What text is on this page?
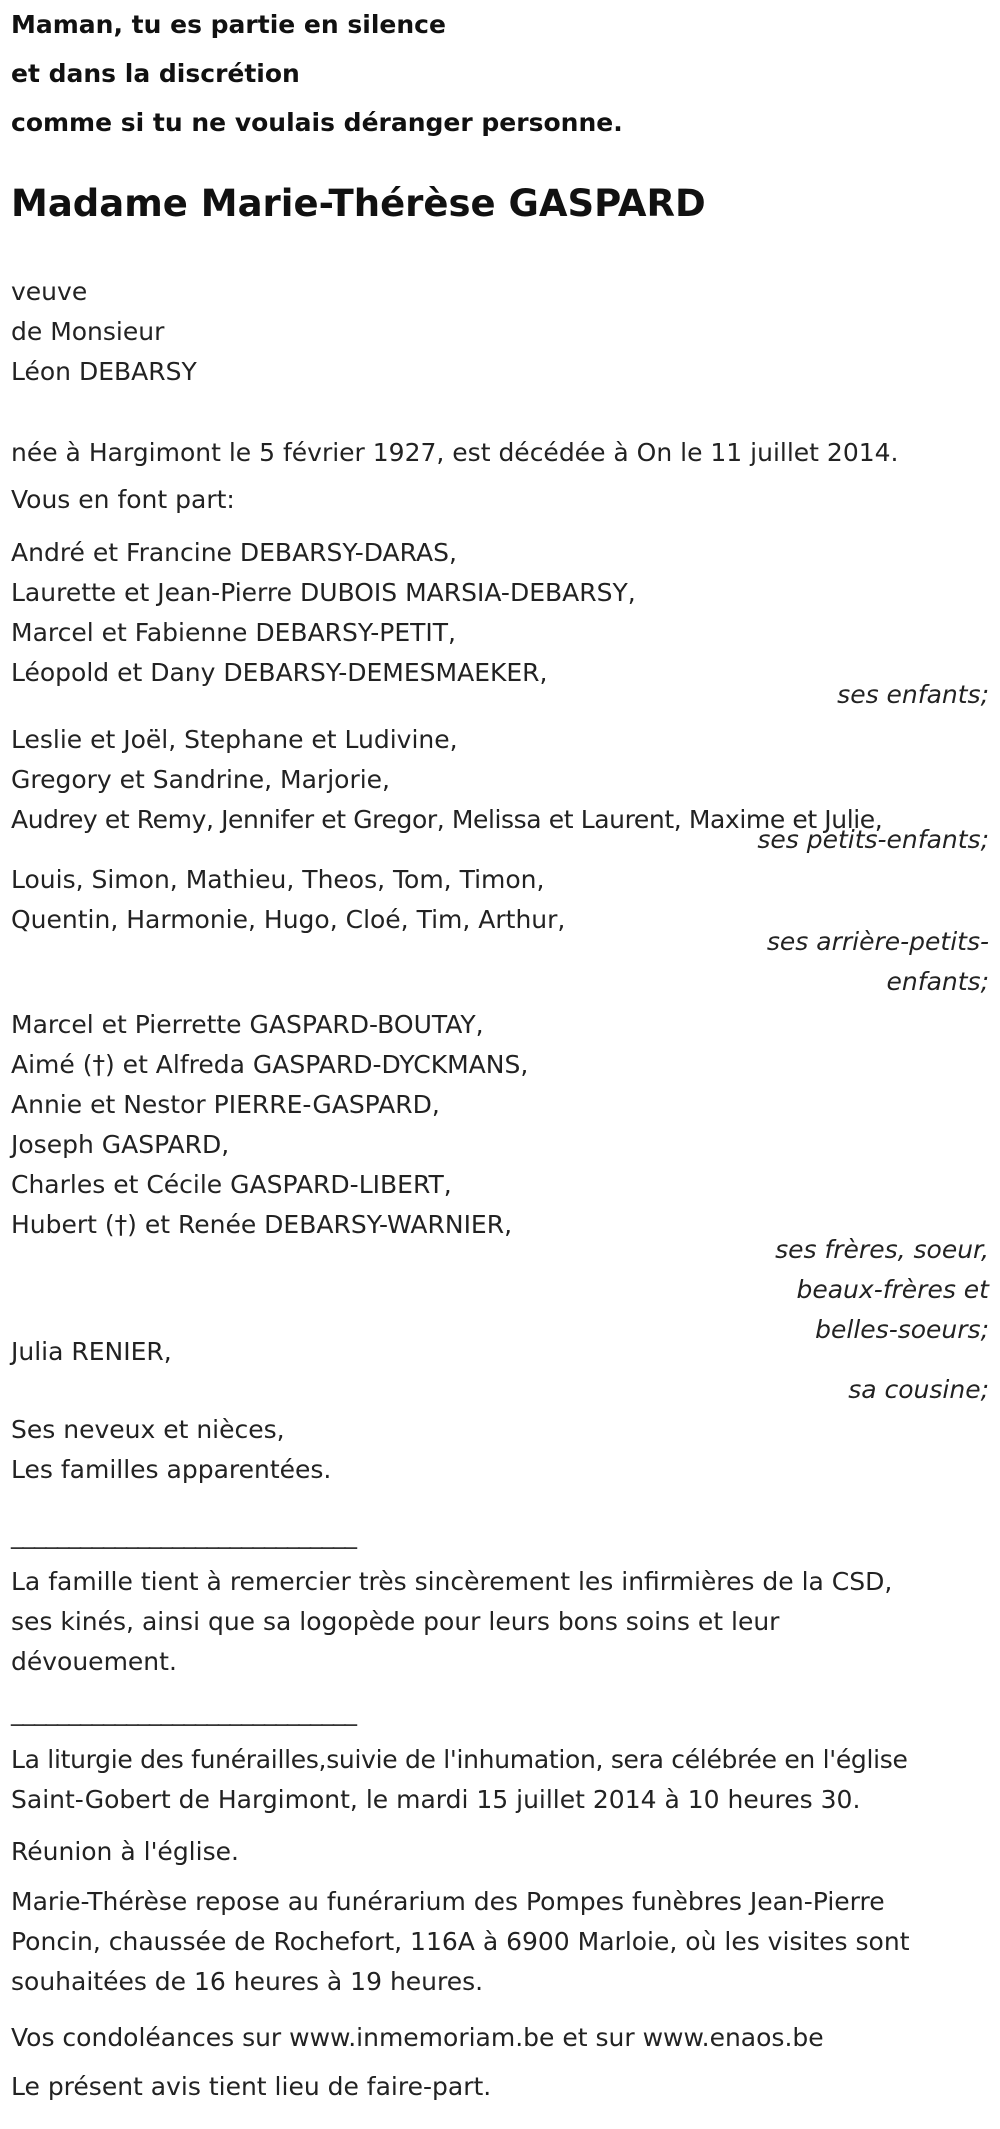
Maman, tu es partie en silence
et dans la discrétion
comme si tu ne voulais déranger personne.
Madame Marie-Thérèse GASPARD
veuve
de Monsieur
Léon DEBARSY
née à Hargimont le 5 février 1927, est décédée à On le 11 juillet 2014.
Vous en font part:
André et Francine DEBARSY-DARAS,
Laurette et Jean-Pierre DUBOIS MARSIA-DEBARSY,
Marcel et Fabienne DEBARSY-PETIT,
Léopold et Dany DEBARSY-DEMESMAEKER,
ses enfants;
Leslie et Joël, Stephane et Ludivine,
Gregory et Sandrine, Marjorie,
Audrey et Remy, Jennifer et Gregor, Melissa et Laurent, Maxime et Julie,
ses petits-enfants;
Louis, Simon, Mathieu, Theos, Tom, Timon,
Quentin, Harmonie, Hugo, Cloé, Tim, Arthur,
ses arrière-petits-
enfants;
Marcel et Pierrette GASPARD-BOUTAY,
Aimé (†) et Alfreda GASPARD-DYCKMANS,
Annie et Nestor PIERRE-GASPARD,
Joseph GASPARD,
Charles et Cécile GASPARD-LIBERT,
Hubert (†) et Renée DEBARSY-WARNIER,
ses frères, soeur,
beaux-frères et
belles-soeurs;
Julia RENIER,
sa cousine;
Ses neveux et nièces,
Les familles apparentées.
______________________________
La famille tient à remercier très sincèrement les infirmières de la CSD,
ses kinés, ainsi que sa logopède pour leurs bons soins et leur
dévouement.
______________________________
La liturgie des funérailles,suivie de l'inhumation, sera célébrée en l'église
Saint-Gobert de Hargimont, le mardi 15 juillet 2014 à 10 heures 30.
Réunion à l'église.
Marie-Thérèse repose au funérarium des Pompes funèbres Jean-Pierre
Poncin, chaussée de Rochefort, 116A à 6900 Marloie, où les visites sont
souhaitées de 16 heures à 19 heures.
Vos condoléances sur www.inmemoriam.be et sur www.enaos.be
Le présent avis tient lieu de faire-part.
